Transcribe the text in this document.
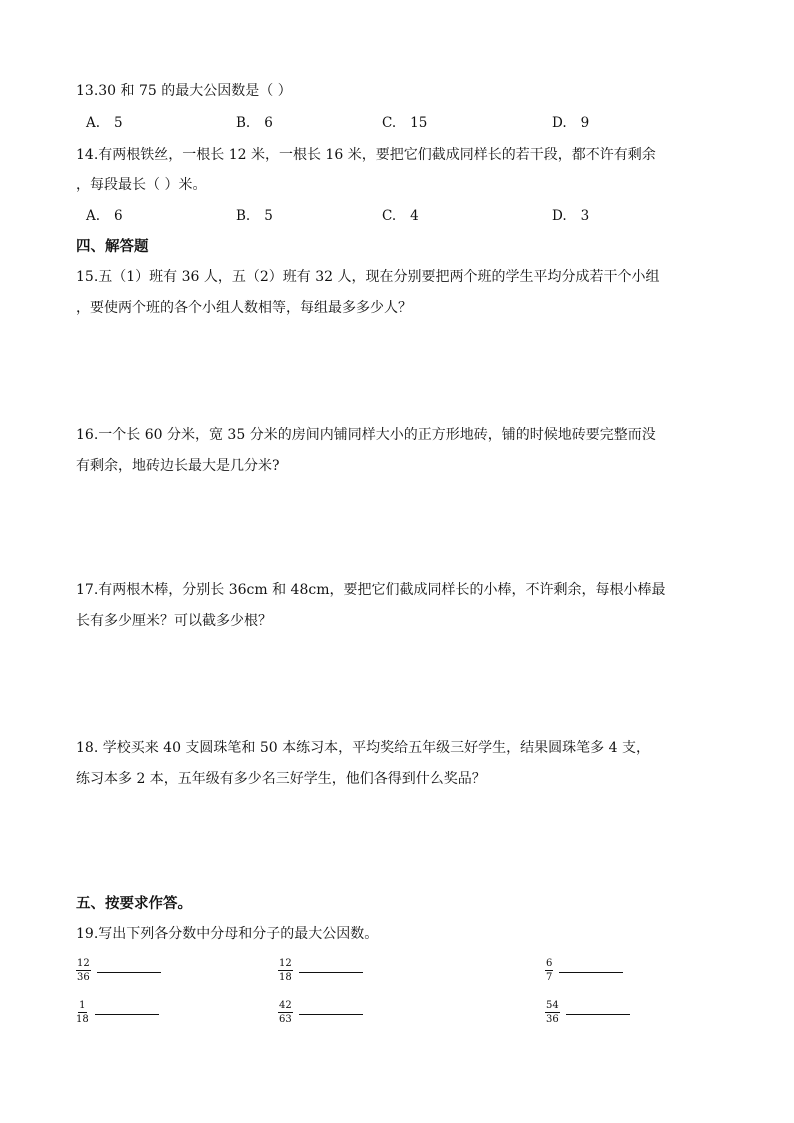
13.30 和 75 的最大公因数是（ ）
A. 5	B. 6	C. 15	D. 9
14.有两根铁丝，一根长 12 米，一根长 16 米，要把它们截成同样长的若干段，都不许有剩余
，每段最长（ ）米。
A. 6	B. 5	C. 4	D. 3
四、解答题
15.五（1）班有 36 人，五（2）班有 32 人，现在分别要把两个班的学生平均分成若干个小组
，要使两个班的各个小组人数相等，每组最多多少人？
16.一个长 60 分米，宽 35 分米的房间内铺同样大小的正方形地砖，铺的时候地砖要完整而没
有剩余，地砖边长最大是几分米?
17.有两根木棒，分别长 36cm 和 48cm，要把它们截成同样长的小棒，不许剩余，每根小棒最
长有多少厘米？可以截多少根？
18. 学校买来 40 支圆珠笔和 50 本练习本，平均奖给五年级三好学生，结果圆珠笔多 4 支，
练习本多 2 本，五年级有多少名三好学生，他们各得到什么奖品？
五、按要求作答。
19.写出下列各分数中分母和分子的最大公因数。
$\frac{12}{36}$	$\frac{12}{18}$	$\frac{6}{7}$
$\frac{1}{18}$	$\frac{42}{63}$	$\frac{54}{36}$
